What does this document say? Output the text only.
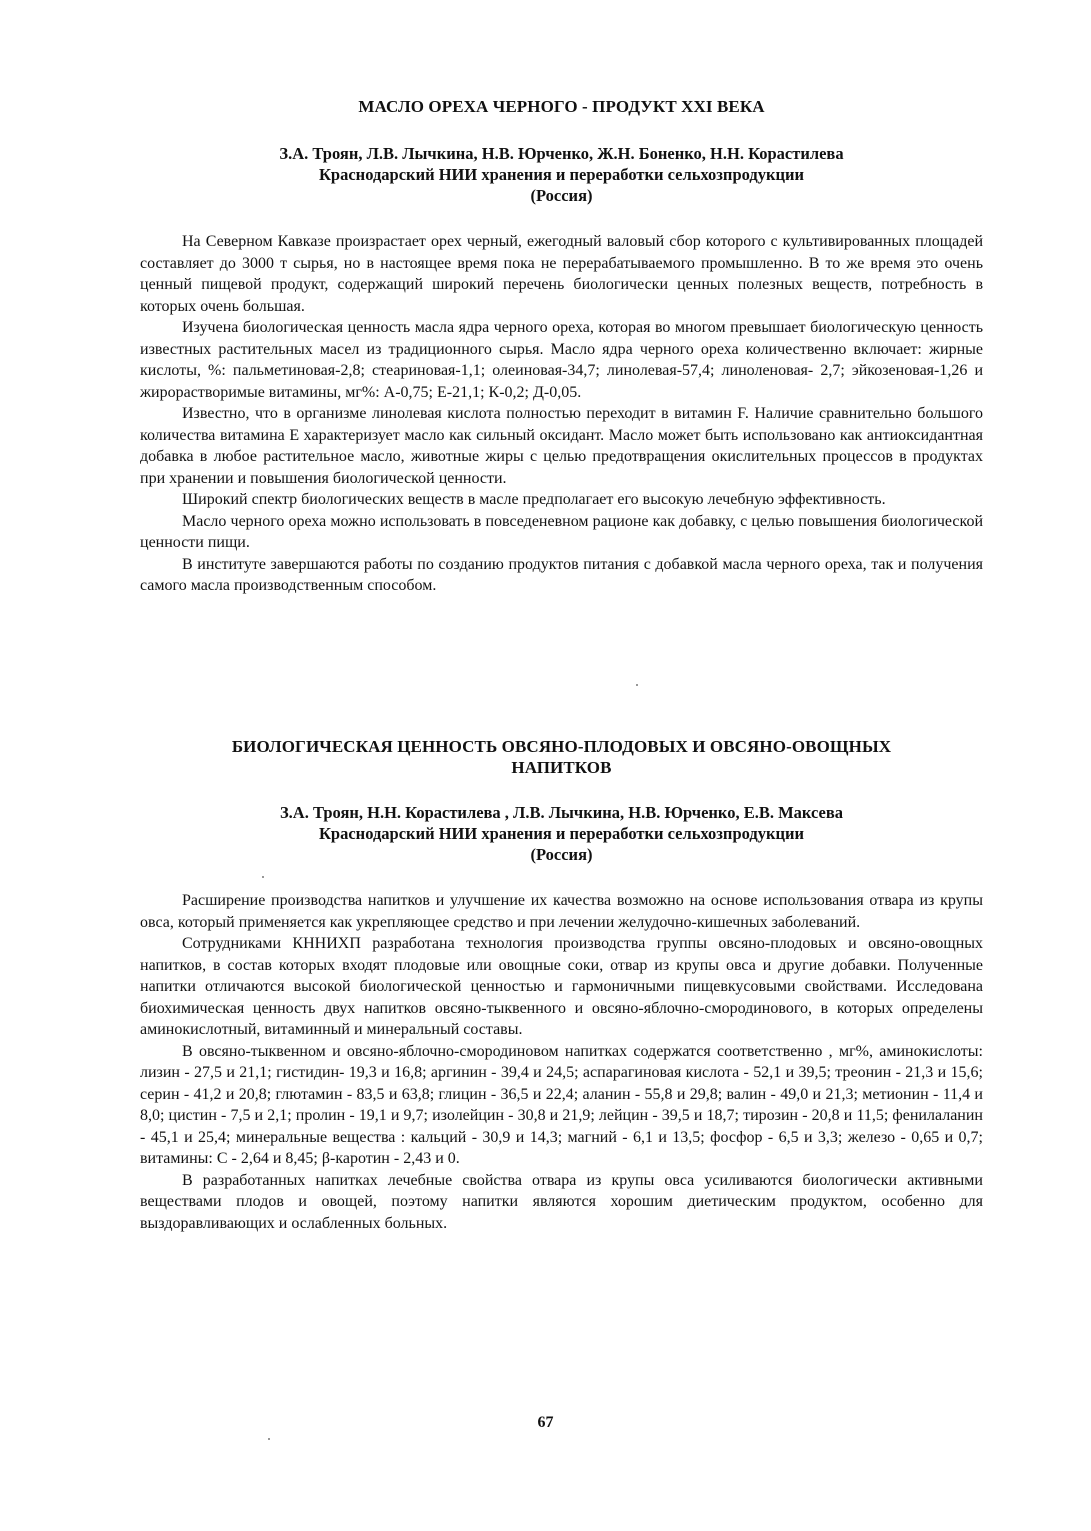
МАСЛО ОРЕХА ЧЕРНОГО - ПРОДУКТ XXI ВЕКА

З.А. Троян, Л.В. Лычкина, Н.В. Юрченко, Ж.Н. Боненко, Н.Н. Корастилева

Краснодарский НИИ хранения и переработки сельхозпродукции

(Россия)

На Северном Кавказе произрастает орех черный, ежегодный валовый сбор которого с культивированных площадей составляет до 3000 т сырья, но в настоящее время пока не перерабатываемого промышленно. В то же время это очень ценный пищевой продукт, содержащий широкий перечень биологически ценных полезных веществ, потребность в которых очень большая.

Изучена биологическая ценность масла ядра черного ореха, которая во многом превышает биологическую ценность известных растительных масел из традиционного сырья. Масло ядра черного ореха количественно включает: жирные кислоты, %: пальметиновая-2,8; стеариновая-1,1; олеиновая-34,7; линолевая-57,4; линоленовая- 2,7; эйкозеновая-1,26 и жирорастворимые витамины, мг%: А-0,75; Е-21,1; К-0,2; Д-0,05.

Известно, что в организме линолевая кислота полностью переходит в витамин F. Наличие сравнительно большого количества витамина Е характеризует масло как сильный оксидант. Масло может быть использовано как антиоксидантная добавка в любое растительное масло, животные жиры с целью предотвращения окислительных процессов в продуктах при хранении и повышения биологической ценности.

Широкий спектр биологических веществ в масле предполагает его высокую лечебную эффективность.

Масло черного ореха можно использовать в повседеневном рационе как добавку, с целью повышения биологической ценности пищи.

В институте завершаются работы по созданию продуктов питания с добавкой масла черного ореха, так и получения самого масла производственным способом.

БИОЛОГИЧЕСКАЯ ЦЕННОСТЬ ОВСЯНО-ПЛОДОВЫХ И ОВСЯНО-ОВОЩНЫХ
НАПИТКОВ

З.А. Троян, Н.Н. Корастилева , Л.В. Лычкина, Н.В. Юрченко, Е.В. Максева

Краснодарский НИИ хранения и переработки сельхозпродукции

(Россия)

Расширение производства напитков и улучшение их качества возможно на основе использования отвара из крупы овса, который применяется как укрепляющее средство и при лечении желудочно-кишечных заболеваний.

Сотрудниками КННИХП разработана технология производства группы овсяно-плодовых и овсяно-овощных напитков, в состав которых входят плодовые или овощные соки, отвар из крупы овса и другие добавки. Полученные напитки отличаются высокой биологической ценностью и гармоничными пищевкусовыми свойствами. Исследована биохимическая ценность двух напитков овсяно-тыквенного и овсяно-яблочно-смородинового, в которых определены аминокислотный, витаминный и минеральный составы.

В овсяно-тыквенном и овсяно-яблочно-смородиновом напитках содержатся соответственно , мг%, аминокислоты: лизин - 27,5 и 21,1; гистидин- 19,3 и 16,8; аргинин - 39,4 и 24,5; аспарагиновая кислота - 52,1 и 39,5; треонин - 21,3 и 15,6; серин - 41,2 и 20,8; глютамин - 83,5 и 63,8; глицин - 36,5 и 22,4; аланин - 55,8 и 29,8; валин - 49,0 и 21,3; метионин - 11,4 и 8,0; цистин - 7,5 и 2,1; пролин - 19,1 и 9,7; изолейцин - 30,8 и 21,9; лейцин - 39,5 и 18,7; тирозин - 20,8 и 11,5; фенилаланин - 45,1 и 25,4; минеральные вещества : кальций - 30,9 и 14,3; магний - 6,1 и 13,5; фосфор - 6,5 и 3,3; железо - 0,65 и 0,7; витамины: С - 2,64 и 8,45; β-каротин - 2,43 и 0.

В разработанных напитках лечебные свойства отвара из крупы овса усиливаются биологически активными веществами плодов и овощей, поэтому напитки являются хорошим диетическим продуктом, особенно для выздоравливающих и ослабленных больных.

67
